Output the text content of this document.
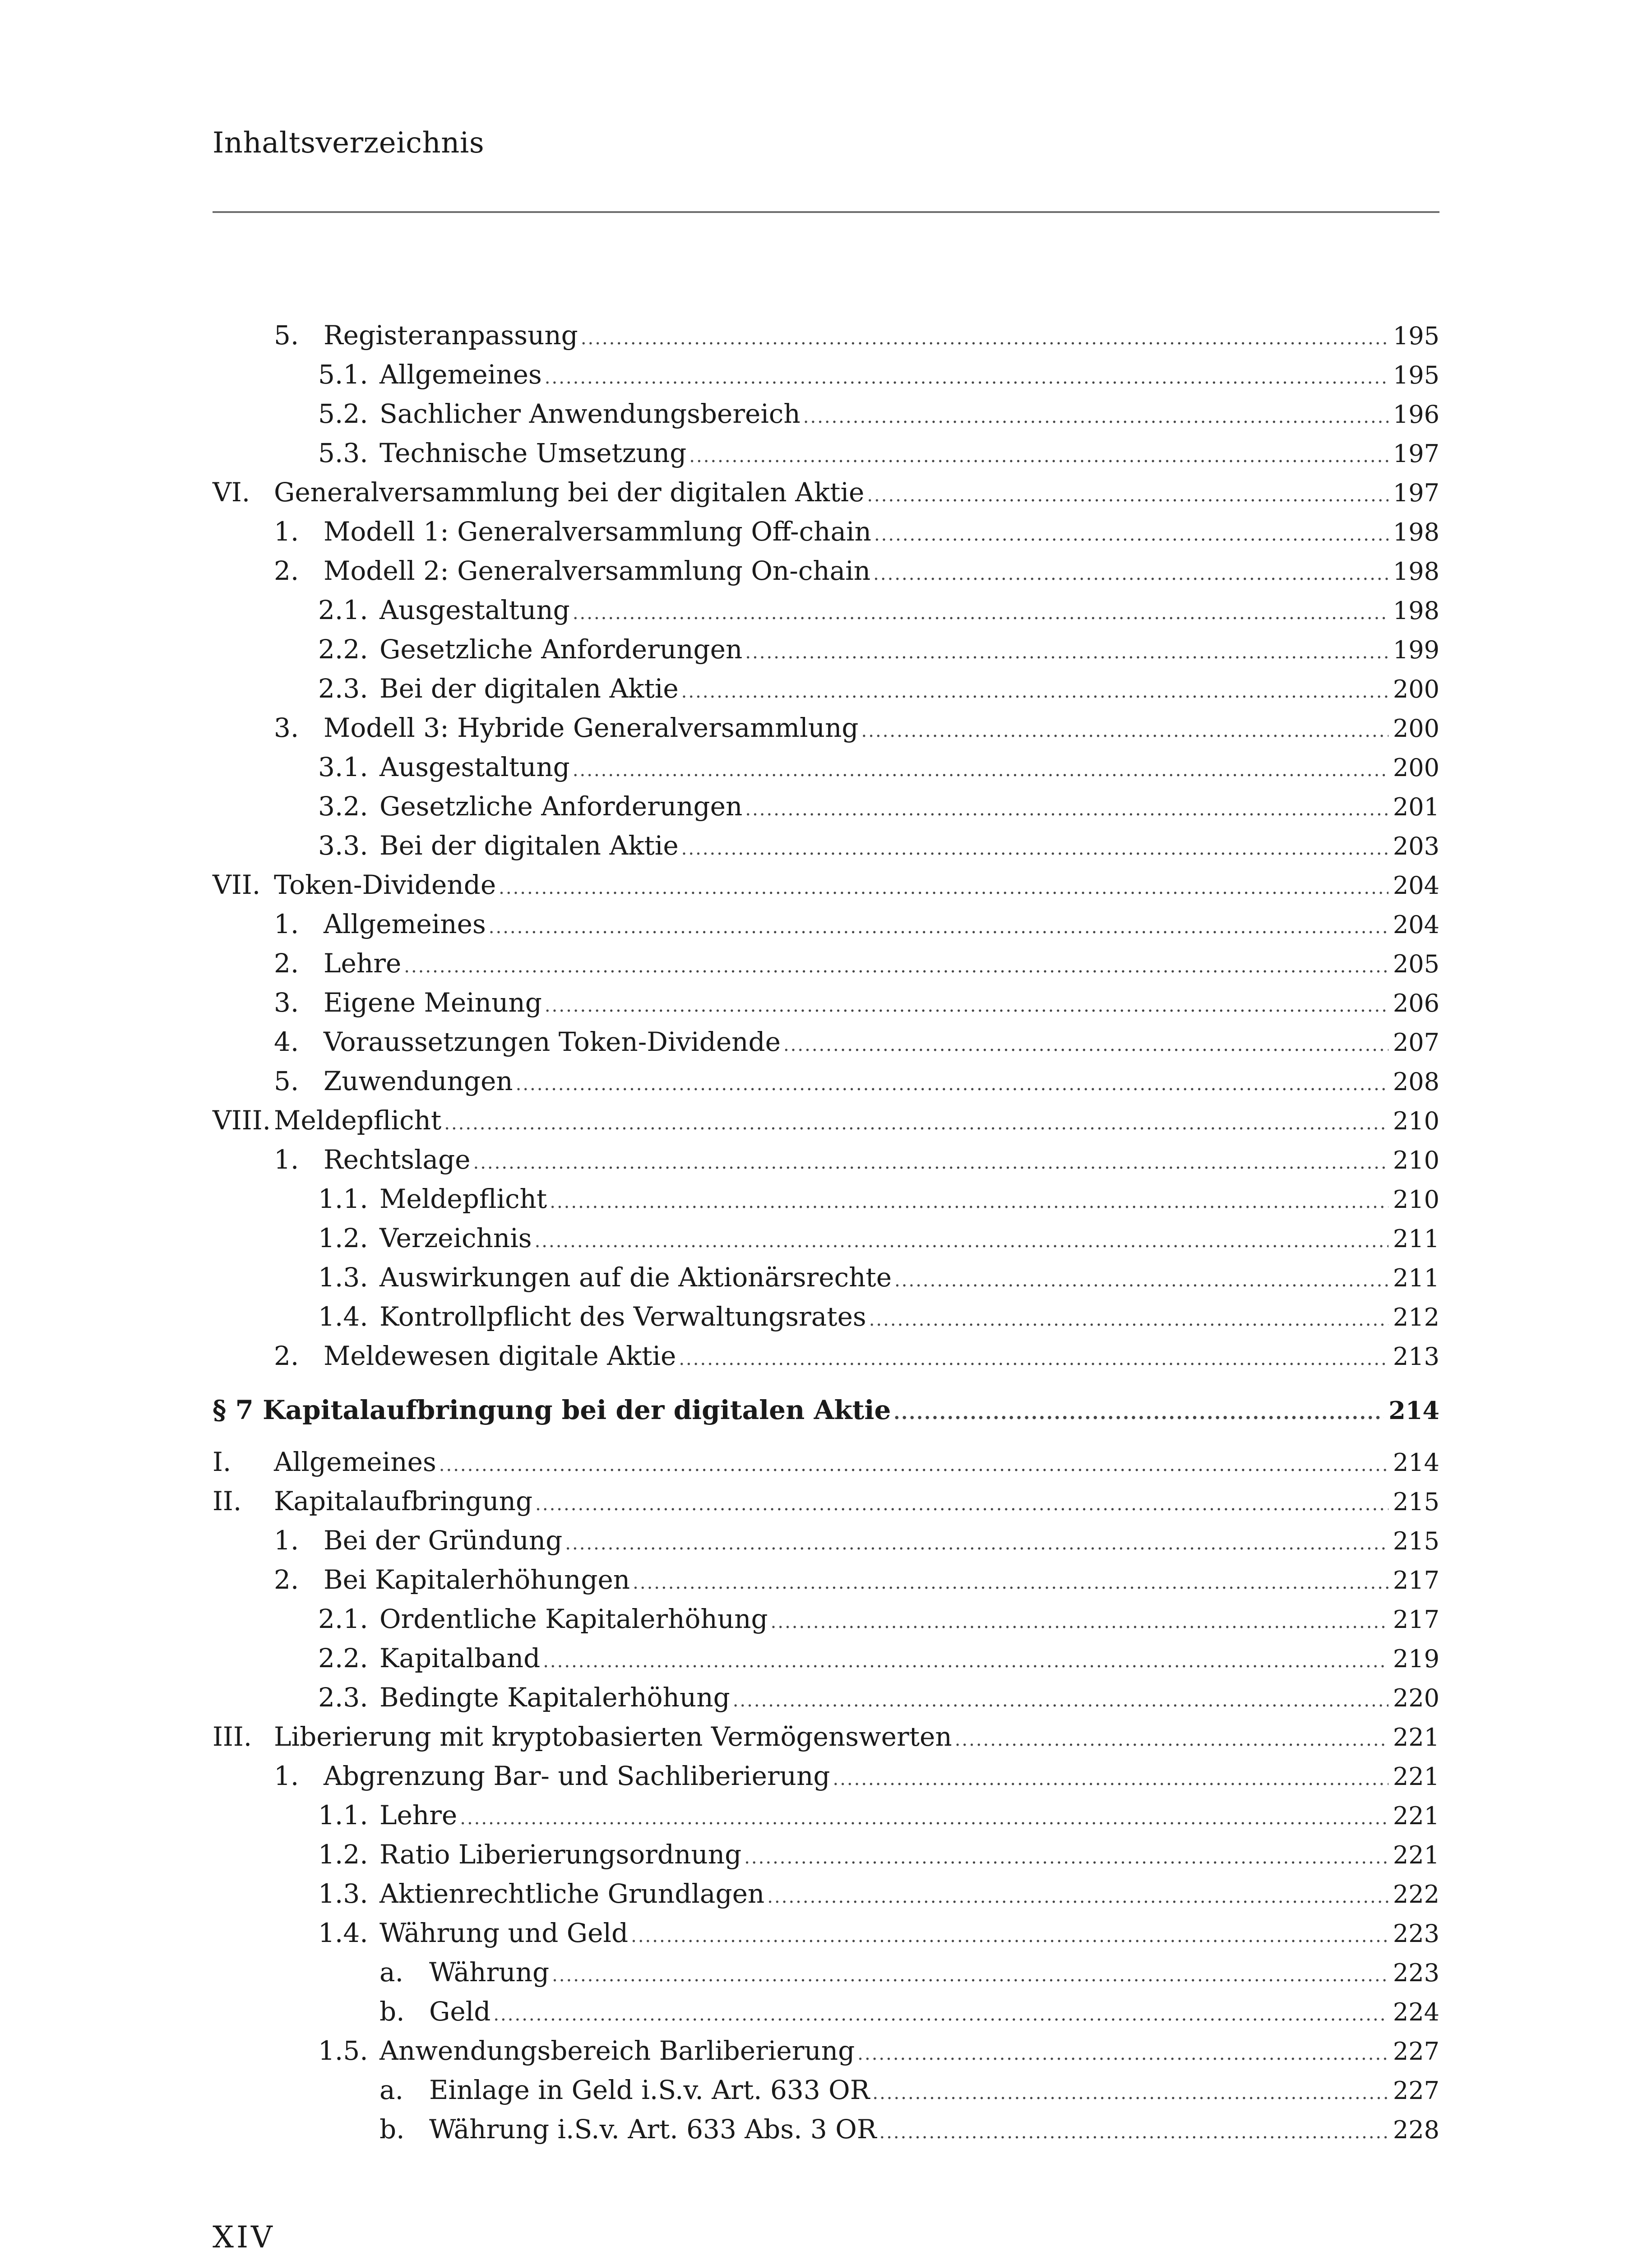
Inhaltsverzeichnis
5. Registeranpassung .....	195
5.1. Allgemeines .....	195
5.2. Sachlicher Anwendungsbereich .....	196
5.3. Technische Umsetzung .....	197
VI. Generalversammlung bei der digitalen Aktie .....	197
1. Modell 1: Generalversammlung Off-chain .....	198
2. Modell 2: Generalversammlung On-chain .....	198
2.1. Ausgestaltung .....	198
2.2. Gesetzliche Anforderungen .....	199
2.3. Bei der digitalen Aktie .....	200
3. Modell 3: Hybride Generalversammlung .....	200
3.1. Ausgestaltung .....	200
3.2. Gesetzliche Anforderungen .....	201
3.3. Bei der digitalen Aktie .....	203
VII. Token-Dividende .....	204
1. Allgemeines .....	204
2. Lehre .....	205
3. Eigene Meinung .....	206
4. Voraussetzungen Token-Dividende .....	207
5. Zuwendungen .....	208
VIII. Meldepflicht .....	210
1. Rechtslage .....	210
1.1. Meldepflicht .....	210
1.2. Verzeichnis .....	211
1.3. Auswirkungen auf die Aktionärsrechte .....	211
1.4. Kontrollpflicht des Verwaltungsrates .....	212
2. Meldewesen digitale Aktie .....	213
§ 7 Kapitalaufbringung bei der digitalen Aktie .....	214
I.	Allgemeines .....	214
II.	Kapitalaufbringung .....	215
1. Bei der Gründung .....	215
2. Bei Kapitalerhöhungen .....	217
2.1. Ordentliche Kapitalerhöhung .....	217
2.2. Kapitalband .....	219
2.3. Bedingte Kapitalerhöhung .....	220
III. Liberierung mit kryptobasierten Vermögenswerten .....	221
1. Abgrenzung Bar- und Sachliberierung .....	221
1.1. Lehre .....	221
1.2. Ratio Liberierungsordnung .....	221
1.3. Aktienrechtliche Grundlagen .....	222
1.4. Währung und Geld .....	223
a. Währung .....	223
b. Geld .....	224
1.5. Anwendungsbereich Barliberierung .....	227
a. Einlage in Geld i.S.v. Art. 633 OR .....	227
b. Währung i.S.v. Art. 633 Abs. 3 OR .....	228
XIV
